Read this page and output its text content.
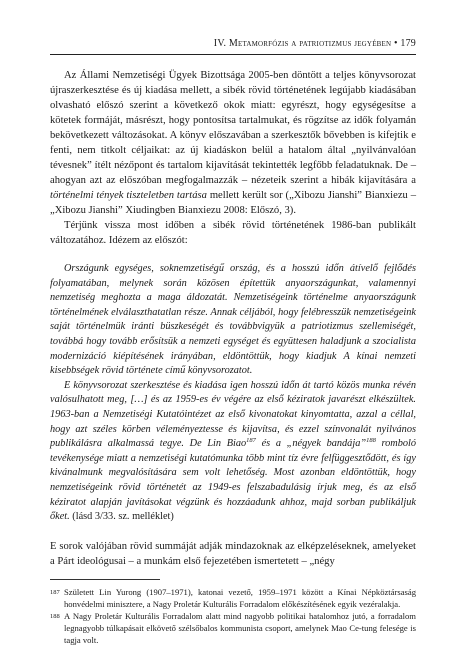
IV. Metamorfózis a patriotizmus jegyében • 179

Az Állami Nemzetiségi Ügyek Bizottsága 2005-ben döntött a teljes könyvsorozat újraszerkesztése és új kiadása mellett, a sibék rövid történetének legújabb kiadásában olvasható előszó szerint a következő okok miatt: egyrészt, hogy egységesítse a kötetek formáját, másrészt, hogy pontosítsa tartalmukat, és rögzítse az idők folyamán bekövetkezett változásokat. A könyv előszavában a szerkesztők bővebben is kifejtik e fenti, nem titkolt céljaikat: az új kiadáskon belül a hatalom által „nyilvánvalóan tévesnek” ítélt nézőpont és tartalom kijavítását tekintették legfőbb feladatuknak. De – ahogyan azt az előszóban megfogalmazzák – nézeteik szerint a hibák kijavítására a történelmi tények tiszteletben tartása mellett került sor („Xibozu Jianshi” Bianxiezu – „Xibozu Jianshi” Xiudingben Bianxiezu 2008: Előszó, 3).

Térjünk vissza most időben a sibék rövid történetének 1986-ban publikált változatához. Idézem az előszót:

Országunk egységes, soknemzetiségű ország, és a hosszú időn átívelő fejlődés folyamatában, melynek során közösen építettük anyaországunkat, valamennyi nemzetiség meghozta a maga áldozatát. Nemzetiségeink történelme anyaországunk történelmének elválaszthatatlan része. Annak céljából, hogy felébresszük nemzetiségeink saját történelmük iránti büszkeségét és továbbvigyük a patriotizmus szellemiségét, továbbá hogy tovább erősítsük a nemzeti egységet és együttesen haladjunk a szocialista modernizáció kiépítésének irányában, eldöntöttük, hogy kiadjuk A kínai nemzeti kisebbségek rövid története című könyvsorozatot.

E könyvsorozat szerkesztése és kiadása igen hosszú időn át tartó közös munka révén valósulhatott meg, […] és az 1959-es év végére az első kéziratok javarészt elkészültek. 1963-ban a Nemzetiségi Kutatóintézet az első kivonatokat kinyomtatta, azzal a céllal, hogy azt széles körben véleményeztesse és kijavítsa, és ezzel színvonalát nyilvános publikálásra alkalmassá tegye. De Lin Biao$^{187}$ és a „négyek bandája”$^{188}$ romboló tevékenysége miatt a nemzetiségi kutatómunka több mint tíz évre felfüggesztődött, és így kivánalmunk megvalósítására sem volt lehetőség. Most azonban eldöntöttük, hogy nemzetiségeink rövid történetét az 1949-es felszabadulásig írjuk meg, és az első kéziratot alapján javításokat végzünk és hozzáadunk ahhoz, majd sorban publikáljuk őket. (lásd 3/33. sz. melléklet)

E sorok valójában rövid summáját adják mindazoknak az elképzeléseknek, amelyeket a Párt ideológusai – a munkám első fejezetében ismertetett – „négy

187 Született Lin Yurong (1907–1971), katonai vezető, 1959–1971 között a Kínai Népköztársaság honvédelmi minisztere, a Nagy Proletár Kulturális Forradalom előkészítésének egyik vezéralakja.
188 A Nagy Proletár Kulturális Forradalom alatt mind nagyobb politikai hatalomhoz jutó, a forradalom legnagyobb túlkapásait elkövető szélsőbalos kommunista csoport, amelynek Mao Ce-tung felesége is tagja volt.
